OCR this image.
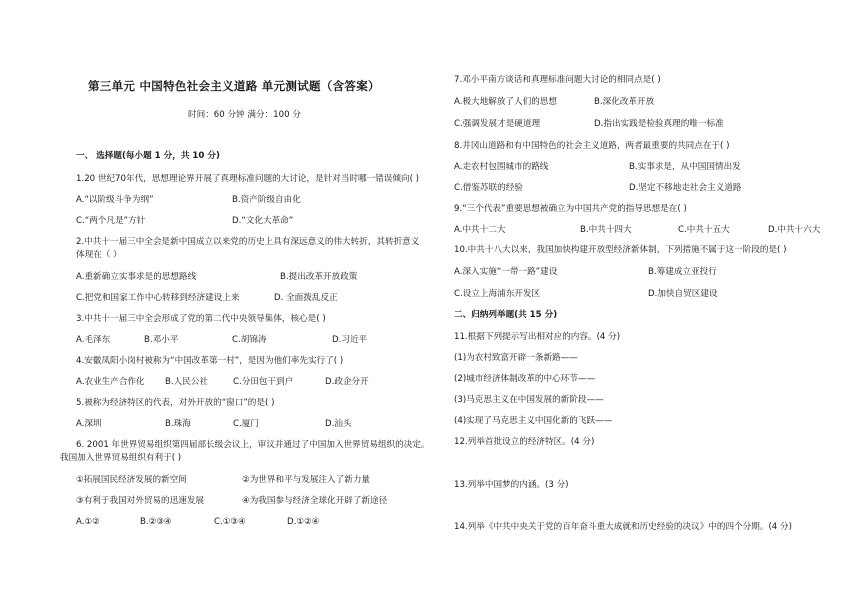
第三单元 中国特色社会主义道路 单元测试题（含答案）
时间：60 分钟 满分：100 分
一、 选择题(每小题 1 分，共 10 分)
1.20 世纪70年代，思想理论界开展了真理标准问题的大讨论，是针对当时哪一错误倾向( )
A.“以阶级斗争为纲”	B.资产阶级自由化
C.“两个凡是”方针	D.“文化大革命”
2.中共十一届三中全会是新中国成立以来党的历史上具有深远意义的伟大转折，其转折意义
体现在（ ）
A.重新确立实事求是的思想路线	B.提出改革开放政策
C.把党和国家工作中心转移到经济建设上来	D. 全面拨乱反正
3.中共十一届三中全会形成了党的第二代中央领导集体，核心是( )
A.毛泽东	B.邓小平	C.胡锦涛	D.习近平
4.安徽凤阳小岗村被称为“中国改革第一村”，是因为他们率先实行了( )
A.农业生产合作化 B.人民公社	C.分田包干到户	D.政企分开
5.被称为经济特区的代表，对外开放的“窗口”的是( )
A.深圳	B.珠海	C.厦门	D.汕头
6. 2001 年世界贸易组织第四届部长级会议上，审议并通过了中国加入世界贸易组织的决定。
我国加入世界贸易组织有利于( )
①拓展国民经济发展的新空间	②为世界和平与发展注入了新力量
③有利于我国对外贸易的迅速发展	④为我国参与经济全球化开辟了新途径
A.①②	B.②③④	C.①③④	D.①②④
7.邓小平南方谈话和真理标准问题大讨论的相同点是( )
A.极大地解放了人们的思想	B.深化改革开放
C.强调发展才是硬道理	D.指出实践是检验真理的唯一标准
8.井冈山道路和有中国特色的社会主义道路，两者最重要的共同点在于( )
A.走农村包围城市的路线	B.实事求是，从中国国情出发
C.借鉴苏联的经验	D.坚定不移地走社会主义道路
9.“三个代表”重要思想被确立为中国共产党的指导思想是在( )
A.中共十二大	B.中共十四大	C.中共十五大	D.中共十六大
10.中共十八大以来，我国加快构建开放型经济新体制，下列措施不属于这一阶段的是( )
A.深入实施“一带一路”建设	B.筹建成立亚投行
C.设立上海浦东开发区	D.加快自贸区建设
二、归纳列举题(共 15 分)
11.根据下列提示写出相对应的内容。(4 分)
(1)为农村致富开辟一条新路——
(2)城市经济体制改革的中心环节——
(3)马克思主义在中国发展的新阶段——
(4)实现了马克思主义中国化新的飞跃——
12.列举首批设立的经济特区。(4 分)
13.列举中国梦的内涵。(3 分)
14.列举《中共中央关于党的百年奋斗重大成就和历史经验的决议》中的四个分期。(4 分)
